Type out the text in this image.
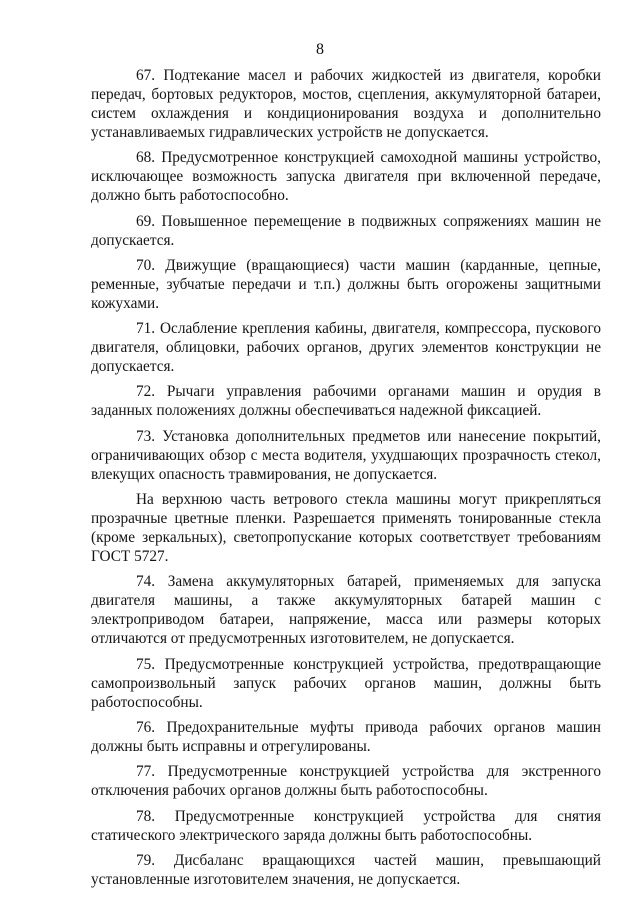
8

67. Подтекание масел и рабочих жидкостей из двигателя, коробки передач, бортовых редукторов, мостов, сцепления, аккумуляторной батареи, систем охлаждения и кондиционирования воздуха и дополнительно устанавливаемых гидравлических устройств не допускается.

68. Предусмотренное конструкцией самоходной машины устройство, исключающее возможность запуска двигателя при включенной передаче, должно быть работоспособно.

69. Повышенное перемещение в подвижных сопряжениях машин не допускается.

70. Движущие (вращающиеся) части машин (карданные, цепные, ременные, зубчатые передачи и т.п.) должны быть огорожены защитными кожухами.

71. Ослабление крепления кабины, двигателя, компрессора, пускового двигателя, облицовки, рабочих органов, других элементов конструкции не допускается.

72. Рычаги управления рабочими органами машин и орудия в заданных положениях должны обеспечиваться надежной фиксацией.

73. Установка дополнительных предметов или нанесение покрытий, ограничивающих обзор с места водителя, ухудшающих прозрачность стекол, влекущих опасность травмирования, не допускается.

На верхнюю часть ветрового стекла машины могут прикрепляться прозрачные цветные пленки. Разрешается применять тонированные стекла (кроме зеркальных), светопропускание которых соответствует требованиям ГОСТ 5727.

74. Замена аккумуляторных батарей, применяемых для запуска двигателя машины, а также аккумуляторных батарей машин с электроприводом батареи, напряжение, масса или размеры которых отличаются от предусмотренных изготовителем, не допускается.

75. Предусмотренные конструкцией устройства, предотвращающие самопроизвольный запуск рабочих органов машин, должны быть работоспособны.

76. Предохранительные муфты привода рабочих органов машин должны быть исправны и отрегулированы.

77. Предусмотренные конструкцией устройства для экстренного отключения рабочих органов должны быть работоспособны.

78. Предусмотренные конструкцией устройства для снятия статического электрического заряда должны быть работоспособны.

79. Дисбаланс вращающихся частей машин, превышающий установленные изготовителем значения, не допускается.
